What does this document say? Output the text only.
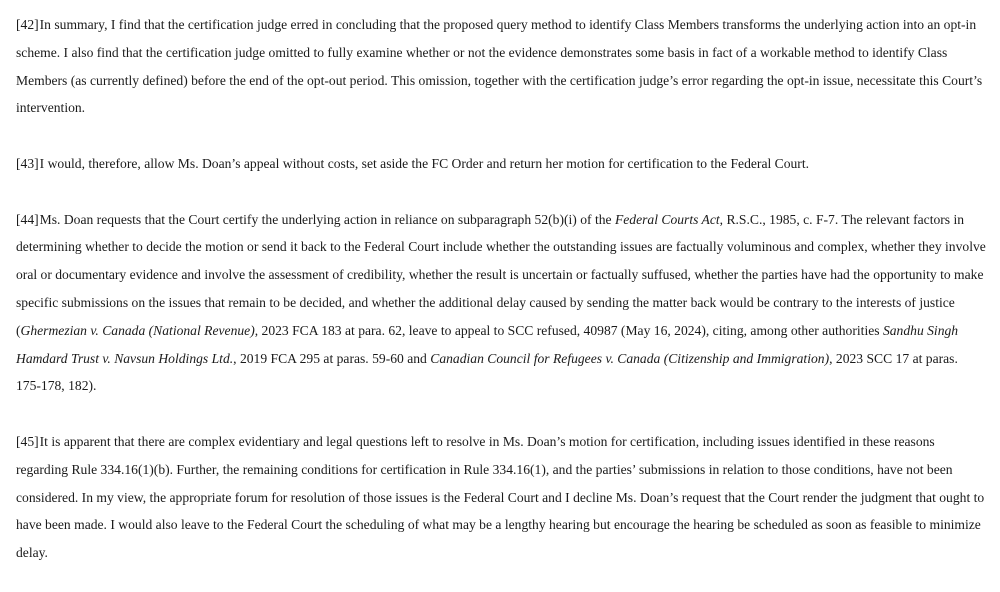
[42]In summary, I find that the certification judge erred in concluding that the proposed query method to identify Class Members transforms the underlying action into an opt-in scheme. I also find that the certification judge omitted to fully examine whether or not the evidence demonstrates some basis in fact of a workable method to identify Class Members (as currently defined) before the end of the opt-out period. This omission, together with the certification judge’s error regarding the opt-in issue, necessitate this Court’s intervention.

[43]I would, therefore, allow Ms. Doan’s appeal without costs, set aside the FC Order and return her motion for certification to the Federal Court.

[44]Ms. Doan requests that the Court certify the underlying action in reliance on subparagraph 52(b)(i) of the Federal Courts Act, R.S.C., 1985, c. F-7. The relevant factors in determining whether to decide the motion or send it back to the Federal Court include whether the outstanding issues are factually voluminous and complex, whether they involve oral or documentary evidence and involve the assessment of credibility, whether the result is uncertain or factually suffused, whether the parties have had the opportunity to make specific submissions on the issues that remain to be decided, and whether the additional delay caused by sending the matter back would be contrary to the interests of justice (Ghermezian v. Canada (National Revenue), 2023 FCA 183 at para. 62, leave to appeal to SCC refused, 40987 (May 16, 2024), citing, among other authorities Sandhu Singh Hamdard Trust v. Navsun Holdings Ltd., 2019 FCA 295 at paras. 59-60 and Canadian Council for Refugees v. Canada (Citizenship and Immigration), 2023 SCC 17 at paras. 175-178, 182).

[45]It is apparent that there are complex evidentiary and legal questions left to resolve in Ms. Doan’s motion for certification, including issues identified in these reasons regarding Rule 334.16(1)(b). Further, the remaining conditions for certification in Rule 334.16(1), and the parties’ submissions in relation to those conditions, have not been considered. In my view, the appropriate forum for resolution of those issues is the Federal Court and I decline Ms. Doan’s request that the Court render the judgment that ought to have been made. I would also leave to the Federal Court the scheduling of what may be a lengthy hearing but encourage the hearing be scheduled as soon as feasible to minimize delay.
